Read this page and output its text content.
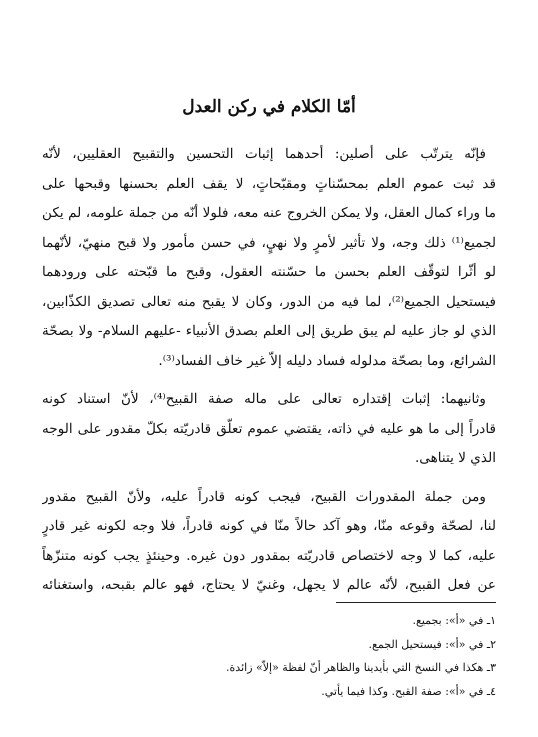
أمّا الكلام في ركن العدل
فإنّه يترتّب على أصلين: أحدهما إثبات التحسين والتقبيح العقليين، لأنّه
قد ثبت عموم العلم بمحسّناتٍ ومقبّحاتٍ، لا يقف العلم بحسنها وقبحها على
ما وراء كمال العقل، ولا يمكن الخروج عنه معه، فلولا أنّه من جملة علومه، لم يكن
لجميع⁽¹⁾ ذلك وجه، ولا تأثير لأمرٍ ولا نهيٍ، في حسن مأمور ولا قبح منهيّ، لأنّهما
لو أثّرا لتوقّف العلم بحسن ما حسّنته العقول، وقبح ما قبّحته على ورودهما
فيستحيل الجميع⁽²⁾، لما فيه من الدور، وكان لا يقبح منه تعالى تصديق الكذّابين،
الذي لو جاز عليه لم يبق طريق إلى العلم بصدق الأنبياء -عليهم السلام- ولا بصحّة
الشرائع، وما بصحّة مدلوله فساد دليله إلاّ غير خاف الفساد⁽³⁾.
وثانيهما: إثبات إقتداره تعالى على ماله صفة القبيح⁽⁴⁾، لأنّ استناد كونه
قادراً إلى ما هو عليه في ذاته، يقتضي عموم تعلّق قادريّته بكلّ مقدور على الوجه
الذي لا يتناهى.
ومن جملة المقدورات القبيح، فيجب كونه قادراً عليه، ولأنّ القبيح مقدور
لنا، لصحّة وقوعه منّا، وهو آكد حالاً منّا في كونه قادراً، فلا وجه لكونه غير قادرٍ
عليه، كما لا وجه لاختصاص قادريّته بمقدور دون غيره. وحينئذٍ يجب كونه متنزّهاً
عن فعل القبيح، لأنّه عالم لا يجهل، وغنيّ لا يحتاج، فهو عالم بقبحه، واستغنائه
١ـ في «أ»: بجميع.
٢ـ في «أ»: فيستحيل الجمع.
٣ـ هكذا في النسخ التي بأيدينا والظاهر أنّ لفظة «إلاّ» زائدة.
٤ـ في «أ»: صفة القبح. وكذا فيما يأتي.
